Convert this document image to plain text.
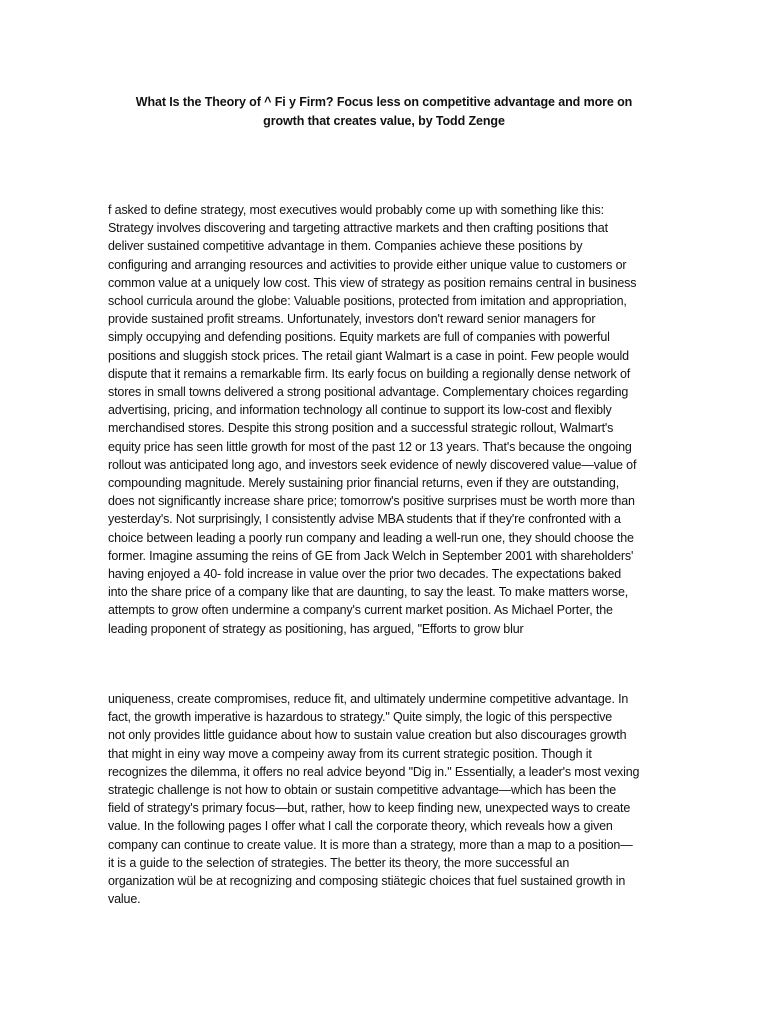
What Is the Theory of ^ Fi y Firm? Focus less on competitive advantage and more on
growth that creates value, by Todd Zenge
f asked to define strategy, most executives would probably come up with something like this:
Strategy involves discovering and targeting attractive markets and then crafting positions that
deliver sustained competitive advantage in them. Companies achieve these positions by
configuring and arranging resources and activities to provide either unique value to customers or
common value at a uniquely low cost. This view of strategy as position remains central in business
school curricula around the globe: Valuable positions, protected from imitation and appropriation,
provide sustained profit streams. Unfortunately, investors don't reward senior managers for
simply occupying and defending positions. Equity markets are full of companies with powerful
positions and sluggish stock prices. The retail giant Walmart is a case in point. Few people would
dispute that it remains a remarkable firm. Its early focus on building a regionally dense network of
stores in small towns delivered a strong positional advantage. Complementary choices regarding
advertising, pricing, and information technology all continue to support its low-cost and flexibly
merchandised stores. Despite this strong position and a successful strategic rollout, Walmart's
equity price has seen little growth for most of the past 12 or 13 years. That's because the ongoing
rollout was anticipated long ago, and investors seek evidence of newly discovered value—value of
compounding magnitude. Merely sustaining prior financial returns, even if they are outstanding,
does not significantly increase share price; tomorrow's positive surprises must be worth more than
yesterday's. Not surprisingly, I consistently advise MBA students that if they're confronted with a
choice between leading a poorly run company and leading a well-run one, they should choose the
former. Imagine assuming the reins of GE from Jack Welch in September 2001 with shareholders'
having enjoyed a 40- fold increase in value over the prior two decades. The expectations baked
into the share price of a company like that are daunting, to say the least. To make matters worse,
attempts to grow often undermine a company's current market position. As Michael Porter, the
leading proponent of strategy as positioning, has argued, "Efforts to grow blur
uniqueness, create compromises, reduce fit, and ultimately undermine competitive advantage. In
fact, the growth imperative is hazardous to strategy." Quite simply, the logic of this perspective
not only provides little guidance about how to sustain value creation but also discourages growth
that might in einy way move a compeiny away from its current strategic position. Though it
recognizes the dilemma, it offers no real advice beyond "Dig in." Essentially, a leader's most vexing
strategic challenge is not how to obtain or sustain competitive advantage—which has been the
field of strategy's primary focus—but, rather, how to keep finding new, unexpected ways to create
value. In the following pages I offer what I call the corporate theory, which reveals how a given
company can continue to create value. It is more than a strategy, more than a map to a position—
it is a guide to the selection of strategies. The better its theory, the more successful an
organization wül be at recognizing and composing stiätegic choices that fuel sustained growth in
value.
